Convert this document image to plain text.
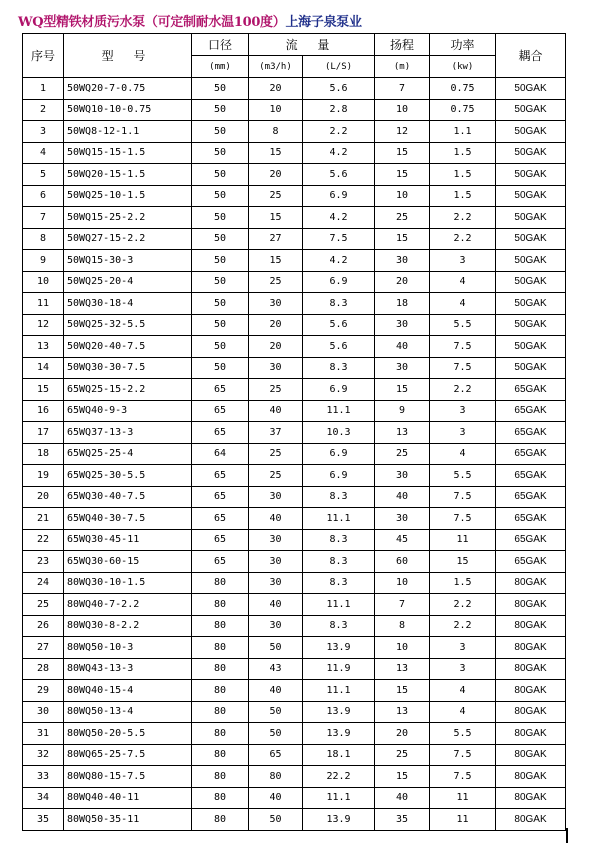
WQ型精铁材质污水泵（可定制耐水温100度）上海子泉泵业
序号	型 号	口径	流 量		扬程	功率	耦合
		(mm)	(m3/h)	(L/S)	(m)	(kw)	
1	50WQ20-7-0.75	50	20	5.6	7	0.75	50GAK
2	50WQ10-10-0.75	50	10	2.8	10	0.75	50GAK
3	50WQ8-12-1.1	50	8	2.2	12	1.1	50GAK
4	50WQ15-15-1.5	50	15	4.2	15	1.5	50GAK
5	50WQ20-15-1.5	50	20	5.6	15	1.5	50GAK
6	50WQ25-10-1.5	50	25	6.9	10	1.5	50GAK
7	50WQ15-25-2.2	50	15	4.2	25	2.2	50GAK
8	50WQ27-15-2.2	50	27	7.5	15	2.2	50GAK
9	50WQ15-30-3	50	15	4.2	30	3	50GAK
10	50WQ25-20-4	50	25	6.9	20	4	50GAK
11	50WQ30-18-4	50	30	8.3	18	4	50GAK
12	50WQ25-32-5.5	50	20	5.6	30	5.5	50GAK
13	50WQ20-40-7.5	50	20	5.6	40	7.5	50GAK
14	50WQ30-30-7.5	50	30	8.3	30	7.5	50GAK
15	65WQ25-15-2.2	65	25	6.9	15	2.2	65GAK
16	65WQ40-9-3	65	40	11.1	9	3	65GAK
17	65WQ37-13-3	65	37	10.3	13	3	65GAK
18	65WQ25-25-4	64	25	6.9	25	4	65GAK
19	65WQ25-30-5.5	65	25	6.9	30	5.5	65GAK
20	65WQ30-40-7.5	65	30	8.3	40	7.5	65GAK
21	65WQ40-30-7.5	65	40	11.1	30	7.5	65GAK
22	65WQ30-45-11	65	30	8.3	45	11	65GAK
23	65WQ30-60-15	65	30	8.3	60	15	65GAK
24	80WQ30-10-1.5	80	30	8.3	10	1.5	80GAK
25	80WQ40-7-2.2	80	40	11.1	7	2.2	80GAK
26	80WQ30-8-2.2	80	30	8.3	8	2.2	80GAK
27	80WQ50-10-3	80	50	13.9	10	3	80GAK
28	80WQ43-13-3	80	43	11.9	13	3	80GAK
29	80WQ40-15-4	80	40	11.1	15	4	80GAK
30	80WQ50-13-4	80	50	13.9	13	4	80GAK
31	80WQ50-20-5.5	80	50	13.9	20	5.5	80GAK
32	80WQ65-25-7.5	80	65	18.1	25	7.5	80GAK
33	80WQ80-15-7.5	80	80	22.2	15	7.5	80GAK
34	80WQ40-40-11	80	40	11.1	40	11	80GAK
35	80WQ50-35-11	80	50	13.9	35	11	80GAK
